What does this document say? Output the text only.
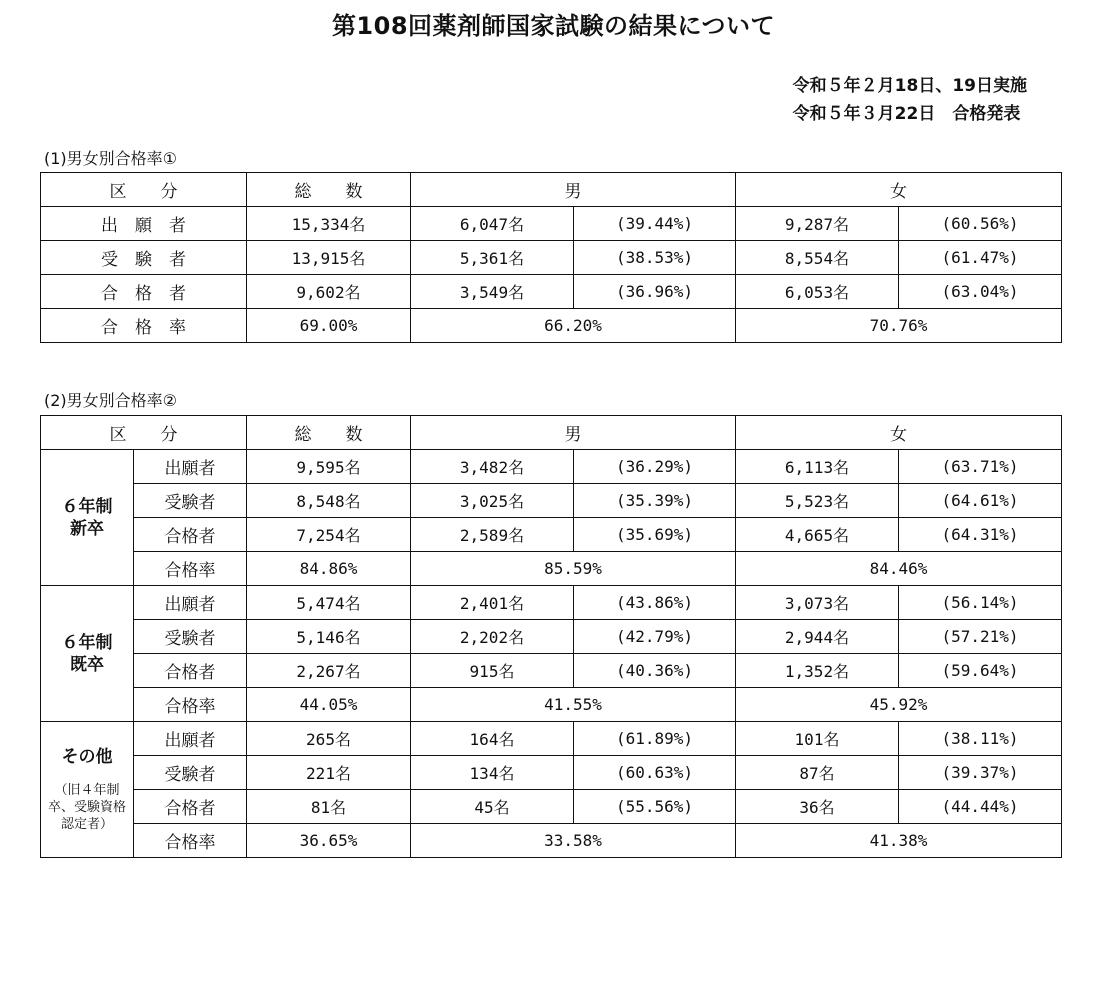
第108回薬剤師国家試験の結果について
令和５年２月18日、19日実施
令和５年３月22日　合格発表
(1)男女別合格率①
区　　分	総　　数	男		女	
出　願　者	15,334名	6,047名	(39.44%)	9,287名	(60.56%)
受　験　者	13,915名	5,361名	(38.53%)	8,554名	(61.47%)
合　格　者	9,602名	3,549名	(36.96%)	6,053名	(63.04%)
合　格　率	69.00%	66.20%		70.76%	
(2)男女別合格率②
区　　分		総　　数	男		女	

６年制
新卒	出願者	9,595名	3,482名	(36.29%)	6,113名	(63.71%)
	受験者	8,548名	3,025名	(35.39%)	5,523名	(64.61%)
	合格者	7,254名	2,589名	(35.69%)	4,665名	(64.31%)
	合格率	84.86%	85.59%		84.46%	

６年制
既卒	出願者	5,474名	2,401名	(43.86%)	3,073名	(56.14%)
	受験者	5,146名	2,202名	(42.79%)	2,944名	(57.21%)
	合格者	2,267名	915名	(40.36%)	1,352名	(59.64%)
	合格率	44.05%	41.55%		45.92%	

その他
（旧４年制卒、受験資格認定者）	出願者	265名	164名	(61.89%)	101名	(38.11%)
	受験者	221名	134名	(60.63%)	87名	(39.37%)
	合格者	81名	45名	(55.56%)	36名	(44.44%)
	合格率	36.65%	33.58%		41.38%	
